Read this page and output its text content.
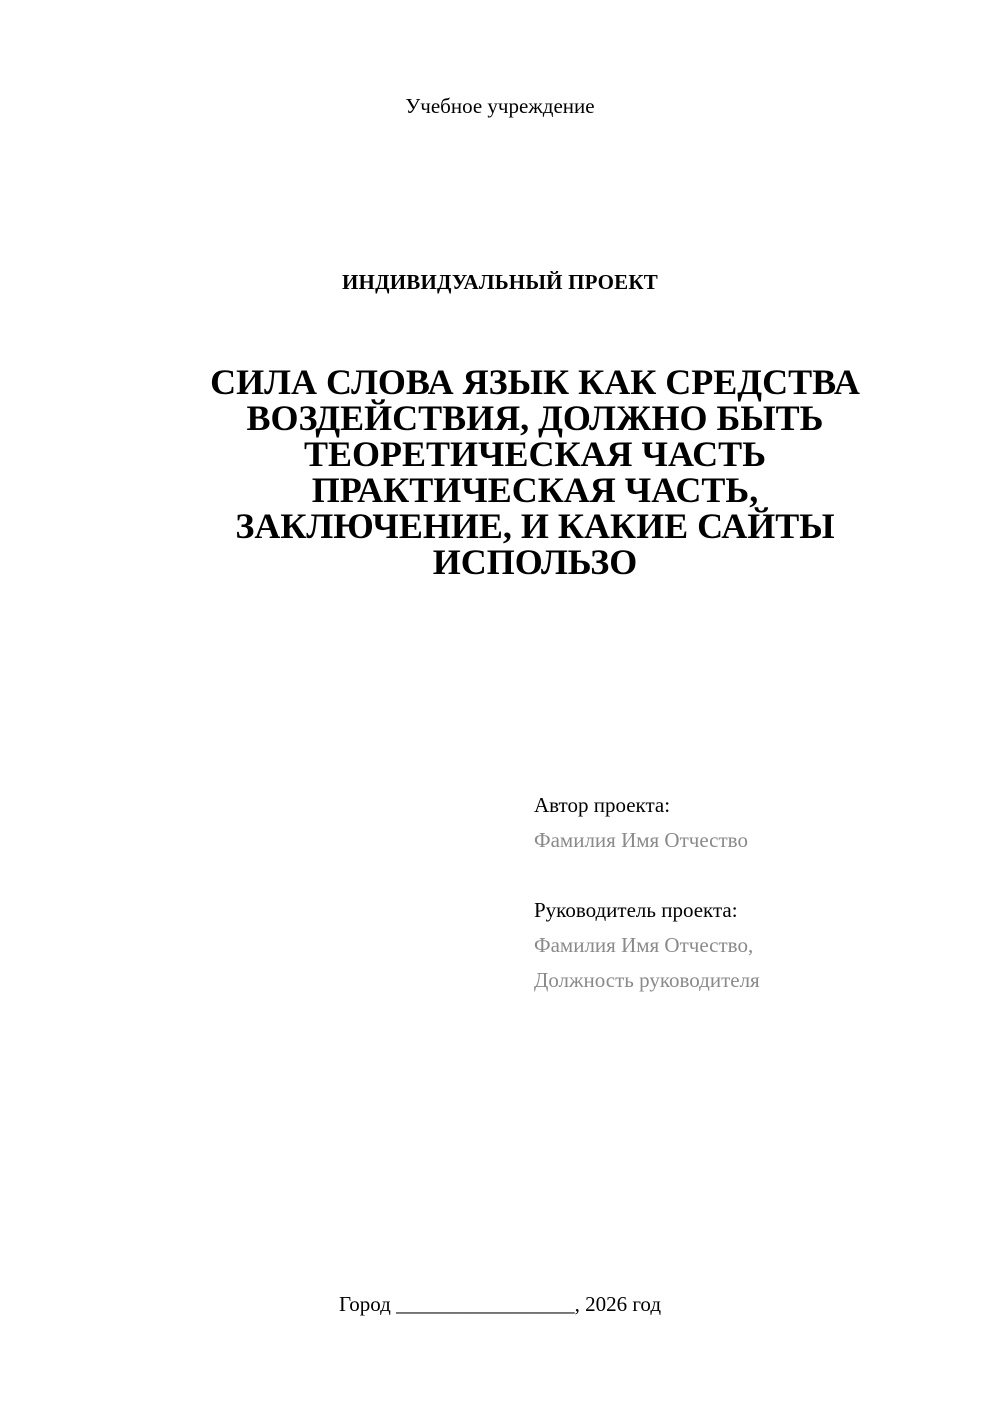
Учебное учреждение
ИНДИВИДУАЛЬНЫЙ ПРОЕКТ
СИЛА СЛОВА ЯЗЫК КАК СРЕДСТВА
ВОЗДЕЙСТВИЯ, ДОЛЖНО БЫТЬ
ТЕОРЕТИЧЕСКАЯ ЧАСТЬ
ПРАКТИЧЕСКАЯ ЧАСТЬ,
ЗАКЛЮЧЕНИЕ, И КАКИЕ САЙТЫ
ИСПОЛЬЗО
Автор проекта:
Фамилия Имя Отчество
Руководитель проекта:
Фамилия Имя Отчество,
Должность руководителя
Город _________________, 2026 год
